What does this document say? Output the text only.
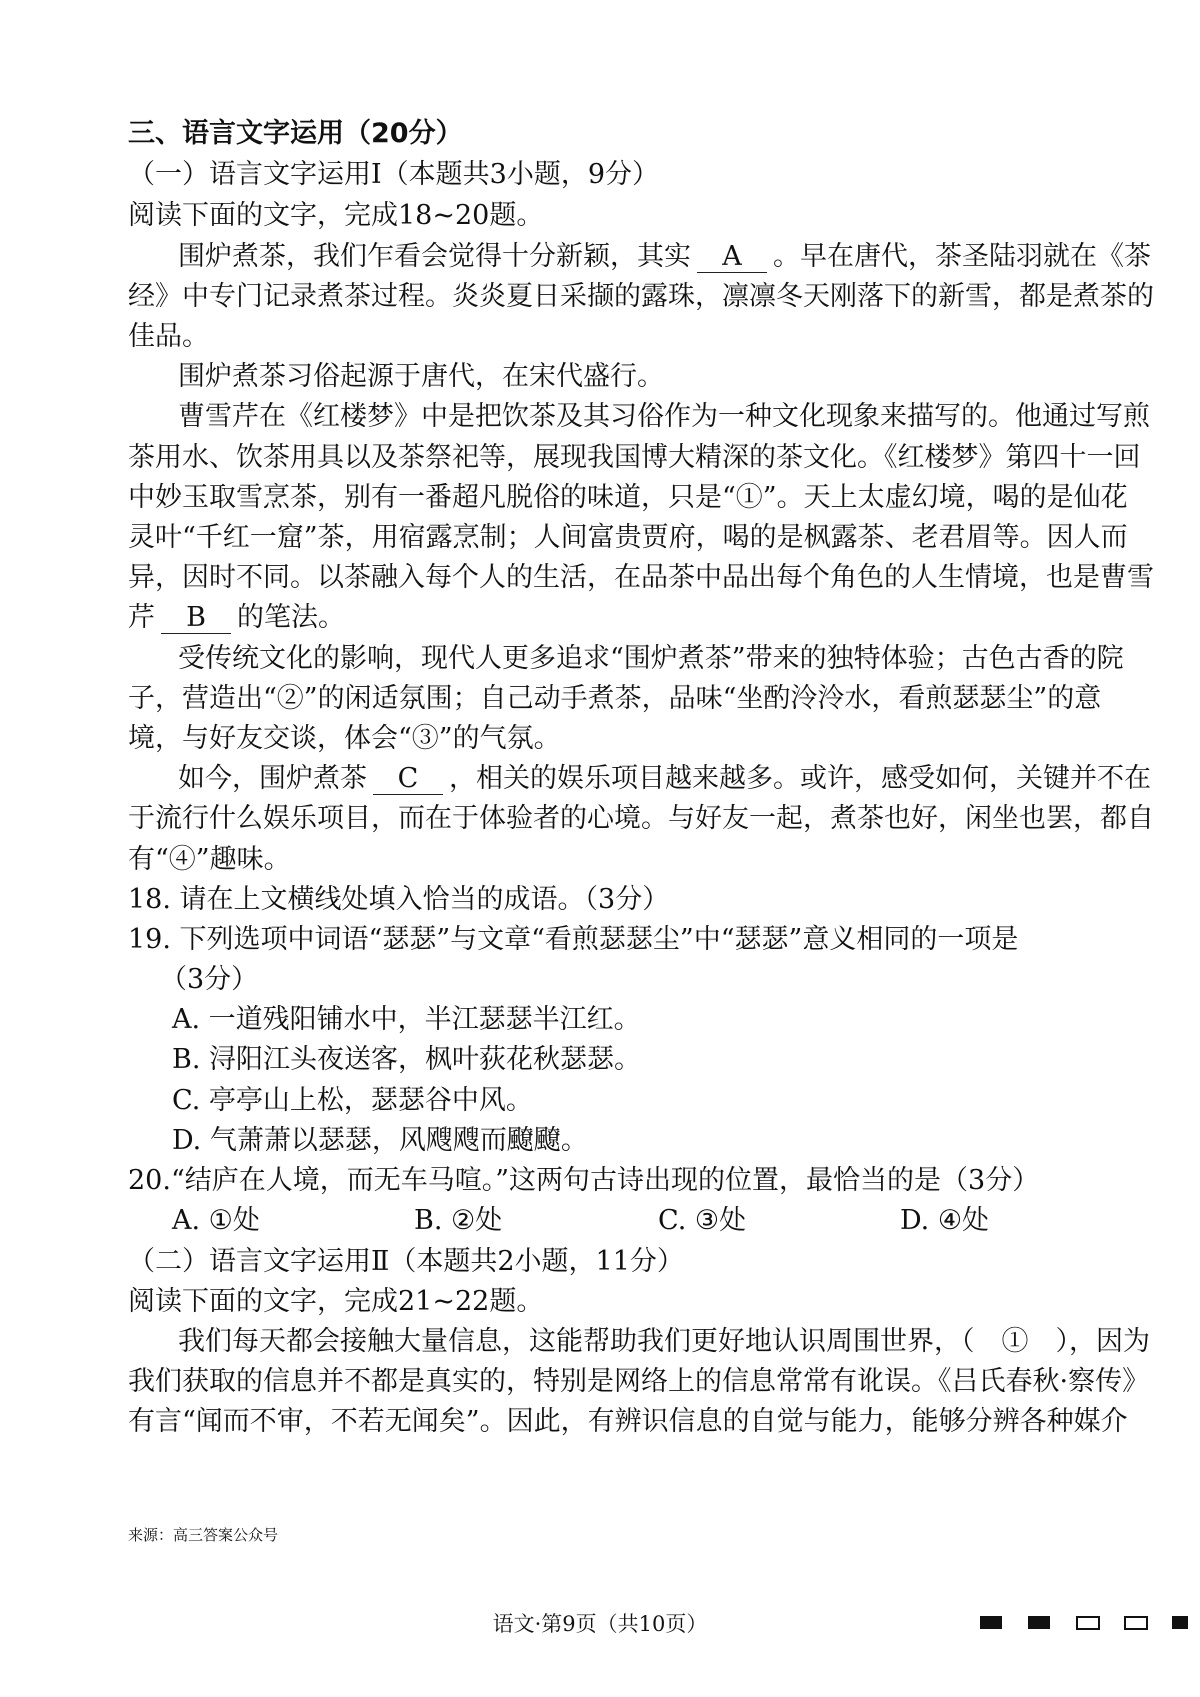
三、语言文字运用（20分）
（一）语言文字运用Ⅰ（本题共3小题，9分）
阅读下面的文字，完成18~20题。
围炉煮茶，我们乍看会觉得十分新颖，其实 A 。早在唐代，茶圣陆羽就在《茶
经》中专门记录煮茶过程。炎炎夏日采撷的露珠，凛凛冬天刚落下的新雪，都是煮茶的
佳品。
围炉煮茶习俗起源于唐代，在宋代盛行。
曹雪芹在《红楼梦》中是把饮茶及其习俗作为一种文化现象来描写的。他通过写煎
茶用水、饮茶用具以及茶祭祀等，展现我国博大精深的茶文化。《红楼梦》第四十一回
中妙玉取雪烹茶，别有一番超凡脱俗的味道，只是“①”。天上太虚幻境，喝的是仙花
灵叶“千红一窟”茶，用宿露烹制；人间富贵贾府，喝的是枫露茶、老君眉等。因人而
异，因时不同。以茶融入每个人的生活，在品茶中品出每个角色的人生情境，也是曹雪
芹 B 的笔法。
受传统文化的影响，现代人更多追求“围炉煮茶”带来的独特体验；古色古香的院
子，营造出“②”的闲适氛围；自己动手煮茶，品味“坐酌泠泠水，看煎瑟瑟尘”的意
境，与好友交谈，体会“③”的气氛。
如今，围炉煮茶 C ，相关的娱乐项目越来越多。或许，感受如何，关键并不在
于流行什么娱乐项目，而在于体验者的心境。与好友一起，煮茶也好，闲坐也罢，都自
有“④”趣味。
18. 请在上文横线处填入恰当的成语。（3分）
19. 下列选项中词语“瑟瑟”与文章“看煎瑟瑟尘”中“瑟瑟”意义相同的一项是
（3分）
A. 一道残阳铺水中，半江瑟瑟半江红。
B. 浔阳江头夜送客，枫叶荻花秋瑟瑟。
C. 亭亭山上松，瑟瑟谷中风。
D. 气萧萧以瑟瑟，风飕飕而飉飉。
20.“结庐在人境，而无车马喧。”这两句古诗出现的位置，最恰当的是（3分）
A. ①处	B. ②处	C. ③处	D. ④处
（二）语言文字运用Ⅱ（本题共2小题，11分）
阅读下面的文字，完成21~22题。
我们每天都会接触大量信息，这能帮助我们更好地认识周围世界，（　①　），因为
我们获取的信息并不都是真实的，特别是网络上的信息常常有讹误。《吕氏春秋·察传》
来源：高三答案公众号
有言“闻而不审，不若无闻矣”。因此，有辨识信息的自觉与能力，能够分辨各种媒介
语文·第9页（共10页）
